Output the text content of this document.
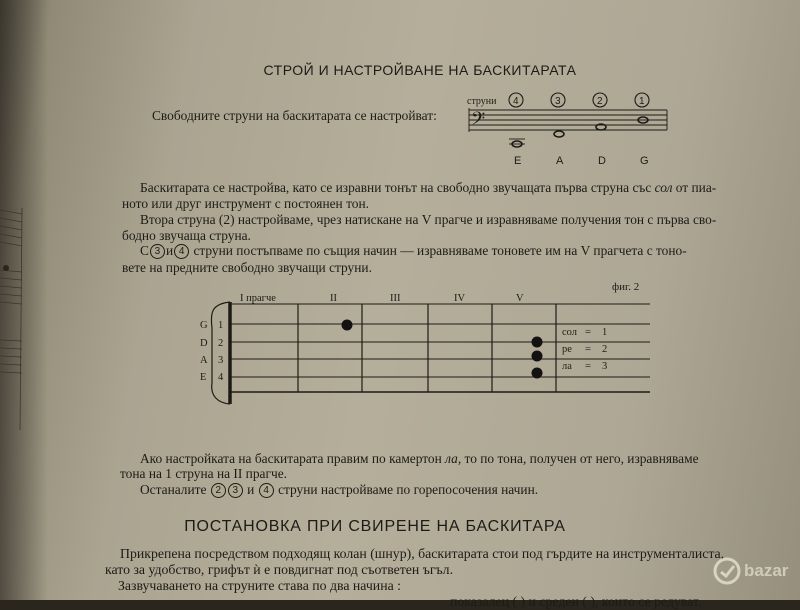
СТРОЙ И НАСТРОЙВАНЕ НА БАСКИТАРАТА
Свободните струни на баскитарата се настройват:
струни 4	3	2	1
𝄢
E	A	D	G
Баскитарата се настройва, като се изравни тонът на свободно звучащата първа струна със сол от пиа-
ното или друг инструмент с постоянен тон.
Втора струна (2) настройваме, чрез натискане на V прагче и изравняваме получения тон с първа сво-
бодно звучаща струна.
С 3 и 4 струни постъпваме по същия начин — изравняваме тоновете им на V прагчета с тоно-
вете на предните свободно звучащи струни.
фиг. 2
I прагче	II	III	IV	V
G 1
D 2
A 3
E 4
сол = 1
ре = 2
ла = 3
Ако настройката на баскитарата правим по камертон ла, то по тона, получен от него, изравняваме
тона на 1 струна на II прагче.
Останалите 2 3 и 4 струни настройваме по горепосочения начин.
ПОСТАНОВКА ПРИ СВИРЕНЕ НА БАСКИТАРА
Прикрепена посредством подходящ колан (шнур), баскитарата стои под гърдите на инструменталиста,
като за удобство, грифът ѝ е повдигнат под съответен ъгъл.
Зазвучаването на струните става по два начина :
показалец ( ) и среден ( ), които се редуват.
bazar
